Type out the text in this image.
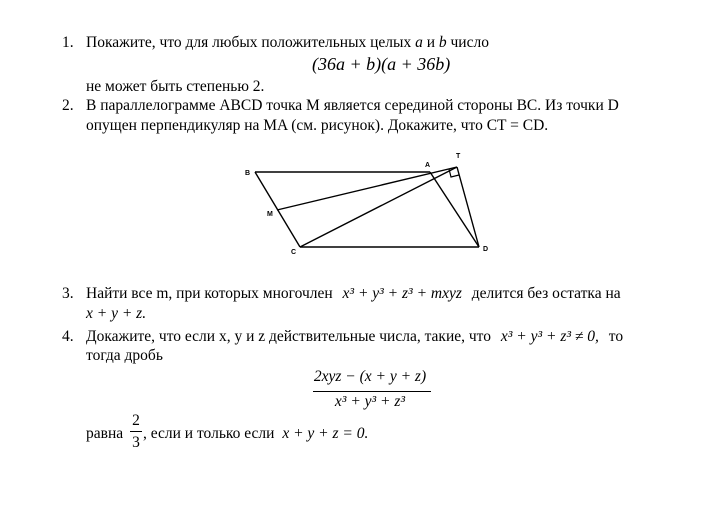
1. Покажите, что для любых положительных целых a и b число
(36a + b)(a + 36b)
не может быть степенью 2.
2. В параллелограмме ABCD точка M является серединой стороны BC. Из точки D
опущен перпендикуляр на MA (см. рисунок). Докажите, что CT = CD.
B
A
T
M
C	D
3. Найти все m, при которых многочлен x³ + y³ + z³ + mxyz делится без остатка на
x + y + z.
4. Докажите, что если x, y и z действительные числа, такие, что x³ + y³ + z³ ≠ 0, то
тогда дробь
2xyz − (x + y + z)
x³ + y³ + z³
равна
2
3
, если и только если x + y + z = 0.
